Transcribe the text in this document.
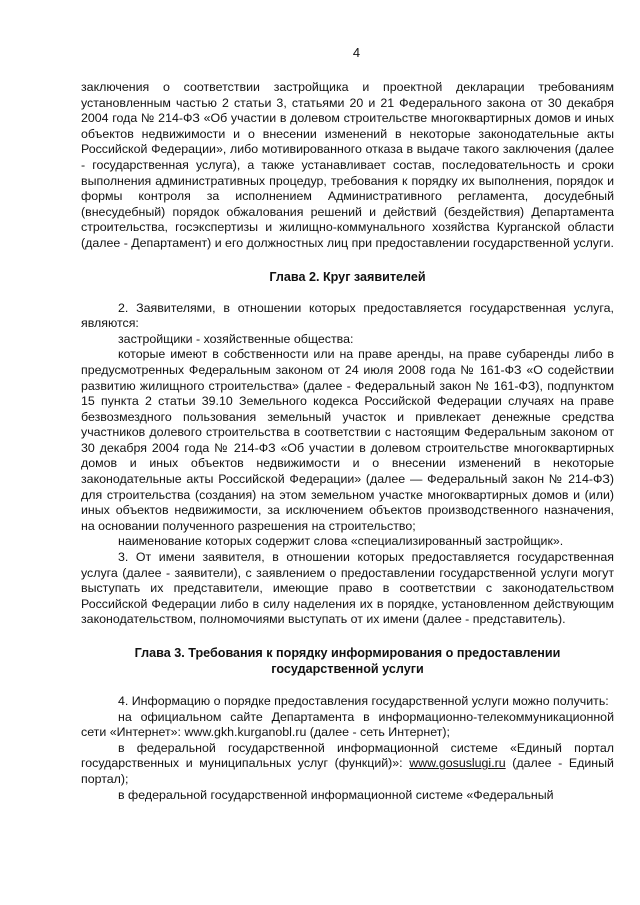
4

заключения о соответствии застройщика и проектной декларации требованиям установленным частью 2 статьи 3, статьями 20 и 21 Федерального закона от 30 декабря 2004 года № 214-ФЗ «Об участии в долевом строительстве многоквартирных домов и иных объектов недвижимости и о внесении изменений в некоторые законодательные акты Российской Федерации», либо мотивированного отказа в выдаче такого заключения (далее - государственная услуга), а также устанавливает состав, последовательность и сроки выполнения административных процедур, требования к порядку их выполнения, порядок и формы контроля за исполнением Административного регламента, досудебный (внесудебный) порядок обжалования решений и действий (бездействия) Департамента строительства, госэкспертизы и жилищно-коммунального хозяйства Курганской области (далее - Департамент) и его должностных лиц при предоставлении государственной услуги.

Глава 2. Круг заявителей

2. Заявителями, в отношении которых предоставляется государственная услуга, являются:

застройщики - хозяйственные общества:

которые имеют в собственности или на праве аренды, на праве субаренды либо в предусмотренных Федеральным законом от 24 июля 2008 года № 161-ФЗ «О содействии развитию жилищного строительства» (далее - Федеральный закон № 161-ФЗ), подпунктом 15 пункта 2 статьи 39.10 Земельного кодекса Российской Федерации случаях на праве безвозмездного пользования земельный участок и привлекает денежные средства участников долевого строительства в соответствии с настоящим Федеральным законом от 30 декабря 2004 года № 214-ФЗ «Об участии в долевом строительстве многоквартирных домов и иных объектов недвижимости и о внесении изменений в некоторые законодательные акты Российской Федерации» (далее — Федеральный закон № 214-ФЗ) для строительства (создания) на этом земельном участке многоквартирных домов и (или) иных объектов недвижимости, за исключением объектов производственного назначения, на основании полученного разрешения на строительство;

наименование которых содержит слова «специализированный застройщик».

3. От имени заявителя, в отношении которых предоставляется государственная услуга (далее - заявители), с заявлением о предоставлении государственной услуги могут выступать их представители, имеющие право в соответствии с законодательством Российской Федерации либо в силу наделения их в порядке, установленном действующим законодательством, полномочиями выступать от их имени (далее - представитель).

Глава 3. Требования к порядку информирования о предоставлении
государственной услуги

4. Информацию о порядке предоставления государственной услуги можно получить:

на официальном сайте Департамента в информационно-телекоммуникационной сети «Интернет»: www.gkh.kurganobl.ru (далее - сеть Интернет);

в федеральной государственной информационной системе «Единый портал государственных и муниципальных услуг (функций)»: www.gosuslugi.ru (далее - Единый портал);

в федеральной государственной информационной системе «Федеральный
